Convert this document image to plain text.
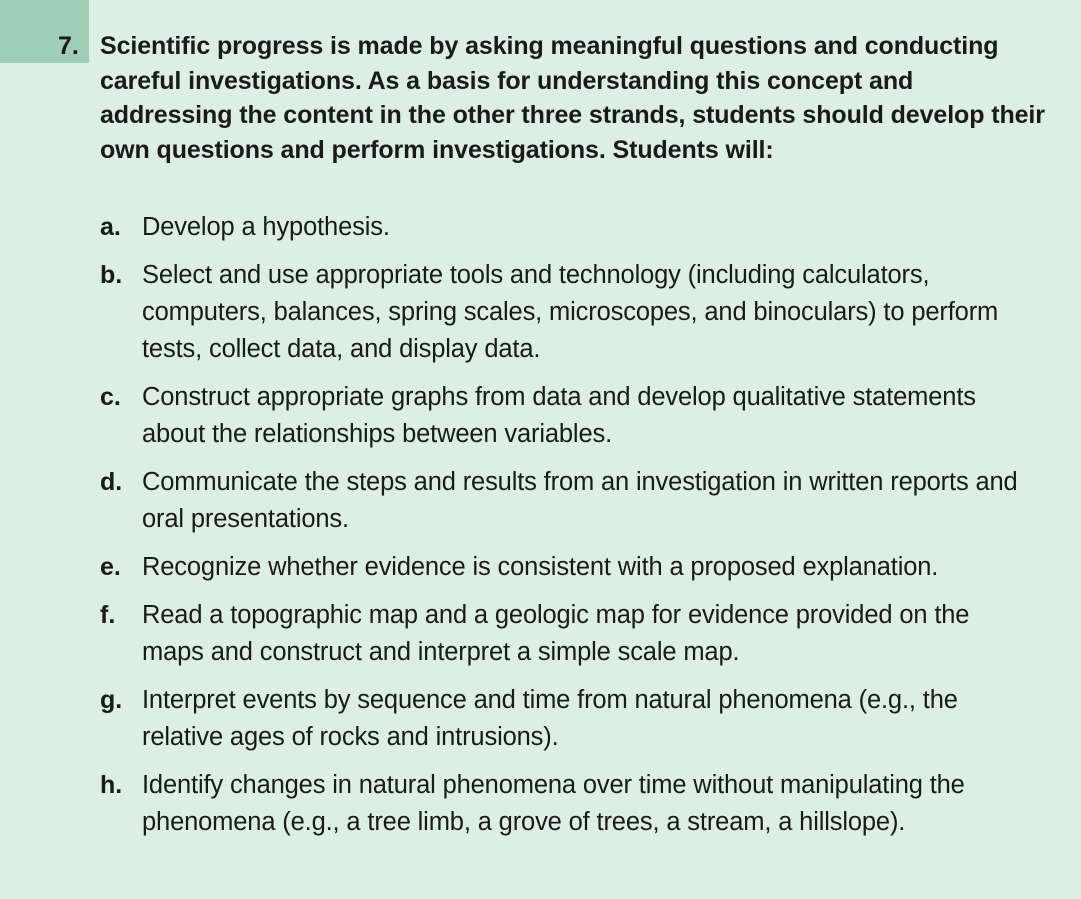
7. Scientific progress is made by asking meaningful questions and conducting careful investigations. As a basis for understanding this concept and addressing the content in the other three strands, students should develop their own questions and perform investigations. Students will:
a. Develop a hypothesis.
b. Select and use appropriate tools and technology (including calculators, computers, balances, spring scales, microscopes, and binoculars) to perform tests, collect data, and display data.
c. Construct appropriate graphs from data and develop qualitative statements about the relationships between variables.
d. Communicate the steps and results from an investigation in written reports and oral presentations.
e. Recognize whether evidence is consistent with a proposed explanation.
f. Read a topographic map and a geologic map for evidence provided on the maps and construct and interpret a simple scale map.
g. Interpret events by sequence and time from natural phenomena (e.g., the relative ages of rocks and intrusions).
h. Identify changes in natural phenomena over time without manipulating the phenomena (e.g., a tree limb, a grove of trees, a stream, a hillslope).
